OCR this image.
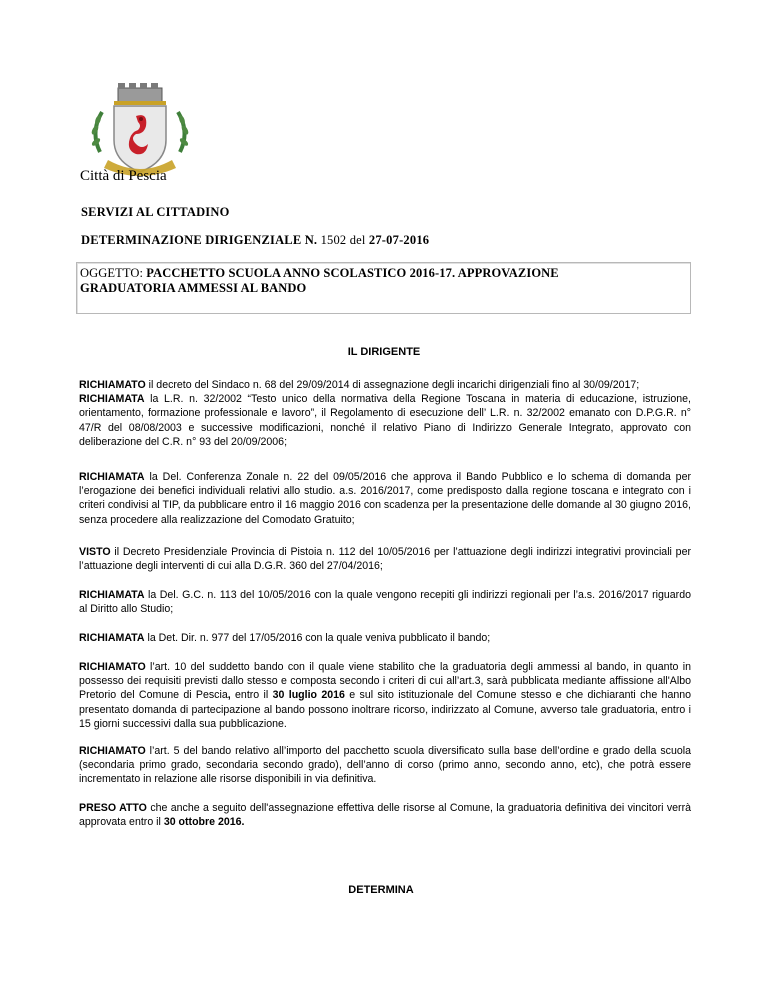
Città di Pescia
SERVIZI AL CITTADINO
DETERMINAZIONE DIRIGENZIALE N. 1502 del 27-07-2016
OGGETTO: PACCHETTO SCUOLA ANNO SCOLASTICO 2016-17. APPROVAZIONE
GRADUATORIA AMMESSI AL BANDO
IL DIRIGENTE

RICHIAMATO il decreto del Sindaco n. 68 del 29/09/2014 di assegnazione degli incarichi dirigenziali fino al 30/09/2017;
RICHIAMATA la L.R. n. 32/2002 “Testo unico della normativa della Regione Toscana in materia di educazione, istruzione, orientamento, formazione professionale e lavoro”, il Regolamento di esecuzione dell’ L.R. n. 32/2002 emanato con D.P.G.R. n° 47/R del 08/08/2003 e successive modificazioni, nonché il relativo Piano di Indirizzo Generale Integrato, approvato con deliberazione del C.R. n° 93 del 20/09/2006;

RICHIAMATA la Del. Conferenza Zonale n. 22 del 09/05/2016 che approva il Bando Pubblico e lo schema di domanda per l’erogazione dei benefici individuali relativi allo studio. a.s. 2016/2017, come predisposto dalla regione toscana e integrato con i criteri condivisi al TIP, da pubblicare entro il 16 maggio 2016 con scadenza per la presentazione delle domande al 30 giugno 2016, senza procedere alla realizzazione del Comodato Gratuito;

VISTO il Decreto Presidenziale Provincia di Pistoia n. 112 del 10/05/2016 per l’attuazione degli indirizzi integrativi provinciali per l’attuazione degli interventi di cui alla D.G.R. 360 del 27/04/2016;

RICHIAMATA la Del. G.C. n. 113 del 10/05/2016 con la quale vengono recepiti gli indirizzi regionali per l’a.s. 2016/2017 riguardo al Diritto allo Studio;

RICHIAMATA la Det. Dir. n. 977 del 17/05/2016 con la quale veniva pubblicato il bando;

RICHIAMATO l’art. 10 del suddetto bando con il quale viene stabilito che la graduatoria degli ammessi al bando, in quanto in possesso dei requisiti previsti dallo stesso e composta secondo i criteri di cui all’art.3, sarà pubblicata mediante affissione all'Albo Pretorio del Comune di Pescia, entro il 30 luglio 2016 e sul sito istituzionale del Comune stesso e che dichiaranti che hanno presentato domanda di partecipazione al bando possono inoltrare ricorso, indirizzato al Comune, avverso tale graduatoria, entro i 15 giorni successivi dalla sua pubblicazione.

RICHIAMATO l’art. 5 del bando relativo all’importo del pacchetto scuola diversificato sulla base dell’ordine e grado della scuola (secondaria primo grado, secondaria secondo grado), dell’anno di corso (primo anno, secondo anno, etc), che potrà essere incrementato in relazione alle risorse disponibili in via definitiva.

PRESO ATTO che anche a seguito dell'assegnazione effettiva delle risorse al Comune, la graduatoria definitiva dei vincitori verrà approvata entro il 30 ottobre 2016.

DETERMINA
